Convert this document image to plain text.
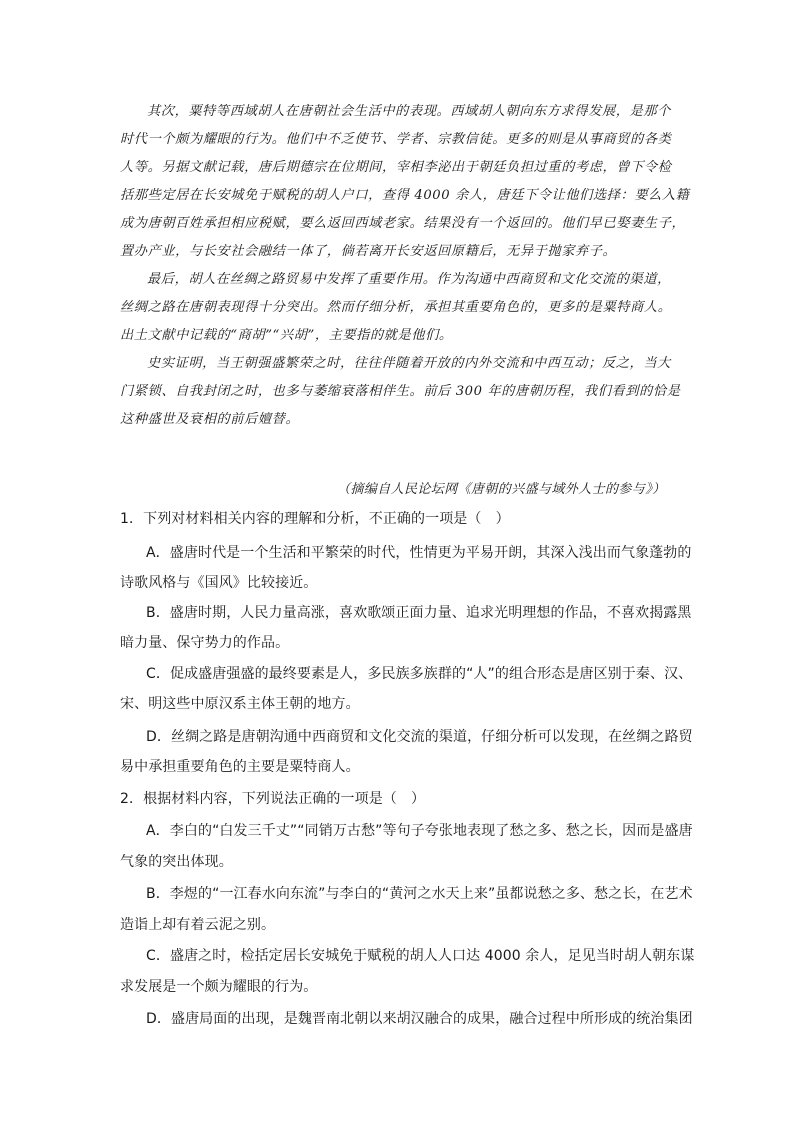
其次，粟特等西域胡人在唐朝社会生活中的表现。西域胡人朝向东方求得发展，是那个
时代一个颇为耀眼的行为。他们中不乏使节、学者、宗教信徒。更多的则是从事商贸的各类
人等。另据文献记载，唐后期德宗在位期间，宰相李泌出于朝廷负担过重的考虑，曾下令检
括那些定居在长安城免于赋税的胡人户口，查得 4000 余人，唐廷下令让他们选择：要么入籍
成为唐朝百姓承担相应税赋，要么返回西域老家。结果没有一个返回的。他们早已娶妻生子，
置办产业，与长安社会融结一体了，倘若离开长安返回原籍后，无异于抛家弃子。
最后，胡人在丝绸之路贸易中发挥了重要作用。作为沟通中西商贸和文化交流的渠道，
丝绸之路在唐朝表现得十分突出。然而仔细分析，承担其重要角色的，更多的是粟特商人。
出土文献中记载的“商胡”“兴胡”，主要指的就是他们。
史实证明，当王朝强盛繁荣之时，往往伴随着开放的内外交流和中西互动；反之，当大
门紧锁、自我封闭之时，也多与萎缩衰落相伴生。前后 300 年的唐朝历程，我们看到的恰是
这种盛世及衰相的前后嬗替。
（摘编自人民论坛网《唐朝的兴盛与域外人士的参与》）
1．下列对材料相关内容的理解和分析，不正确的一项是（　）
A．盛唐时代是一个生活和平繁荣的时代，性情更为平易开朗，其深入浅出而气象蓬勃的
诗歌风格与《国风》比较接近。
B．盛唐时期，人民力量高涨，喜欢歌颂正面力量、追求光明理想的作品，不喜欢揭露黑
暗力量、保守势力的作品。
C．促成盛唐强盛的最终要素是人，多民族多族群的“人”的组合形态是唐区别于秦、汉、
宋、明这些中原汉系主体王朝的地方。
D．丝绸之路是唐朝沟通中西商贸和文化交流的渠道，仔细分析可以发现，在丝绸之路贸
易中承担重要角色的主要是粟特商人。
2．根据材料内容，下列说法正确的一项是（　）
A．李白的“白发三千丈”“同销万古愁”等句子夸张地表现了愁之多、愁之长，因而是盛唐
气象的突出体现。
B．李煜的“一江春水向东流”与李白的“黄河之水天上来”虽都说愁之多、愁之长，在艺术
造诣上却有着云泥之别。
C．盛唐之时，检括定居长安城免于赋税的胡人人口达 4000 余人，足见当时胡人朝东谋
求发展是一个颇为耀眼的行为。
D．盛唐局面的出现，是魏晋南北朝以来胡汉融合的成果，融合过程中所形成的统治集团
